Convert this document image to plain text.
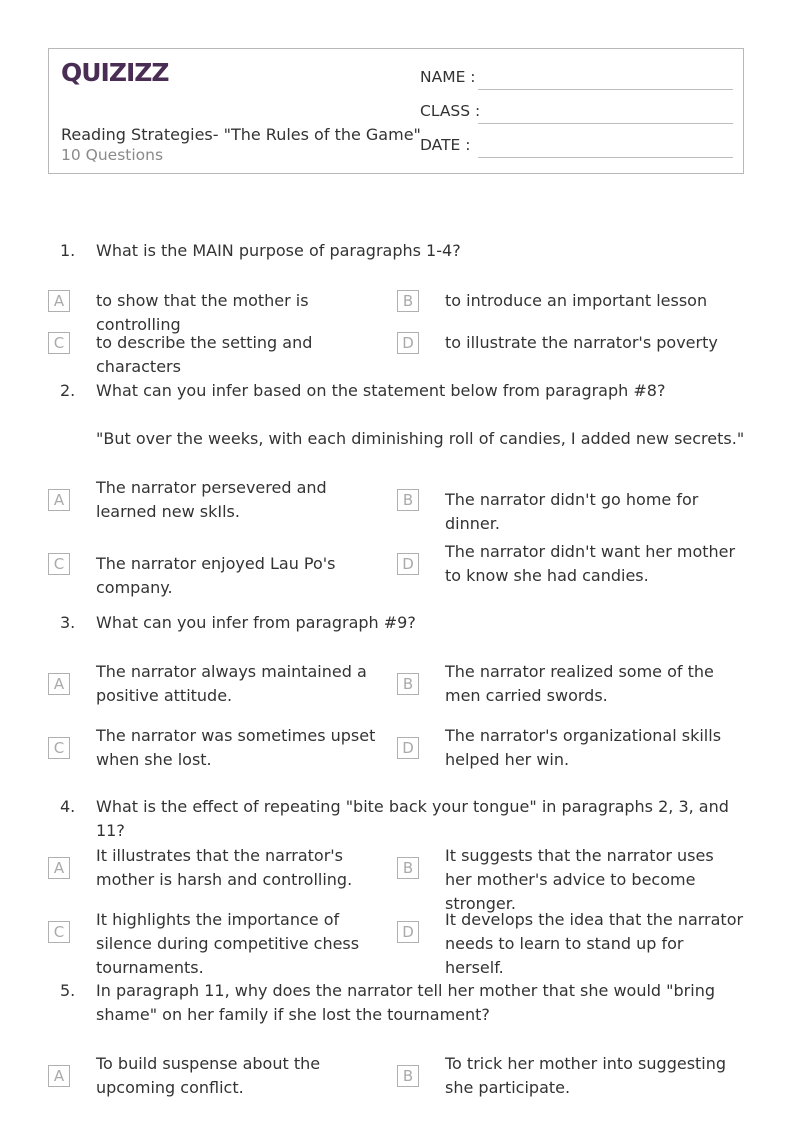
QUIZIZZ
Reading Strategies- "The Rules of the Game"
10 Questions
NAME :
CLASS :
DATE :
1. What is the MAIN purpose of paragraphs 1-4?
A	to show that the mother is controlling
B	to introduce an important lesson
C	to describe the setting and characters
D	to illustrate the narrator's poverty
2. What can you infer based on the statement below from paragraph #8?
"But over the weeks, with each diminishing roll of candies, I added new secrets."
A
The narrator persevered and learned new skIls.
B	The narrator didn't go home for dinner.
C	The narrator enjoyed Lau Po's company.
D
The narrator didn't want her mother to know she had candies.
3. What can you infer from paragraph #9?
A
The narrator always maintained a positive attitude.
B
The narrator realized some of the men carried swords.
C
The narrator was sometimes upset when she lost.
D
The narrator's organizational skills helped her win.
4. What is the effect of repeating "bite back your tongue" in paragraphs 2, 3, and 11?
A
It illustrates that the narrator's mother is harsh and controlling.
B
It suggests that the narrator uses her mother's advice to become stronger.
C
It highlights the importance of silence during competitive chess tournaments.
D
It develops the idea that the narrator needs to learn to stand up for herself.
5. In paragraph 11, why does the narrator tell her mother that she would "bring shame" on her family if she lost the tournament?
A
To build suspense about the upcoming conflict.
B
To trick her mother into suggesting she participate.
